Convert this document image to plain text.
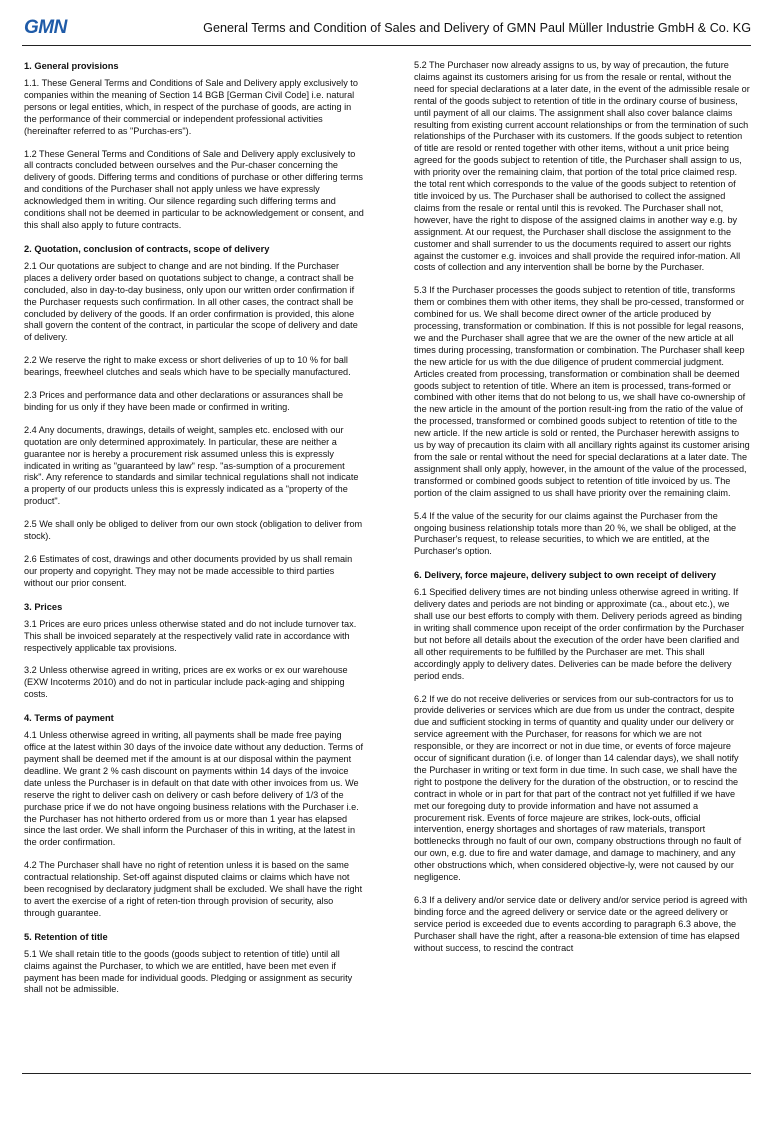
GMN	General Terms and Condition of Sales and Delivery of GMN Paul Müller Industrie GmbH & Co. KG
1. General provisions

1.1. These General Terms and Conditions of Sale and Delivery apply exclusively to companies within the meaning of Section 14 BGB [German Civil Code] i.e. natural persons or legal entities, which, in respect of the purchase of goods, are acting in the performance of their commercial or independent professional activities (hereinafter referred to as "Purchas-ers").

1.2 These General Terms and Conditions of Sale and Delivery apply exclusively to all contracts concluded between ourselves and the Pur-chaser concerning the delivery of goods. Differing terms and conditions of purchase or other differing terms and conditions of the Purchaser shall not apply unless we have expressly acknowledged them in writing. Our silence regarding such differing terms and conditions shall not be deemed in particular to be acknowledgement or consent, and this shall also apply to future contracts.

2. Quotation, conclusion of contracts, scope of delivery

2.1 Our quotations are subject to change and are not binding. If the Purchaser places a delivery order based on quotations subject to change, a contract shall be concluded, also in day-to-day business, only upon our written order confirmation if the Purchaser requests such confirmation. In all other cases, the contract shall be concluded by delivery of the goods. If an order confirmation is provided, this alone shall govern the content of the contract, in particular the scope of delivery and date of delivery.

2.2 We reserve the right to make excess or short deliveries of up to 10 % for ball bearings, freewheel clutches and seals which have to be specially manufactured.

2.3 Prices and performance data and other declarations or assurances shall be binding for us only if they have been made or confirmed in writing.

2.4 Any documents, drawings, details of weight, samples etc. enclosed with our quotation are only determined approximately. In particular, these are neither a guarantee nor is hereby a procurement risk assumed unless this is expressly indicated in writing as "guaranteed by law" resp. "as-sumption of a procurement risk". Any reference to standards and similar technical regulations shall not indicate a property of our products unless this is expressly indicated as a "property of the product".

2.5 We shall only be obliged to deliver from our own stock (obligation to deliver from stock).

2.6 Estimates of cost, drawings and other documents provided by us shall remain our property and copyright. They may not be made accessible to third parties without our prior consent.

3. Prices

3.1 Prices are euro prices unless otherwise stated and do not include turnover tax. This shall be invoiced separately at the respectively valid rate in accordance with respectively applicable tax provisions.

3.2 Unless otherwise agreed in writing, prices are ex works or ex our warehouse (EXW Incoterms 2010) and do not in particular include pack-aging and shipping costs.

4. Terms of payment

4.1 Unless otherwise agreed in writing, all payments shall be made free paying office at the latest within 30 days of the invoice date without any deduction. Terms of payment shall be deemed met if the amount is at our disposal within the payment deadline. We grant 2 % cash discount on payments within 14 days of the invoice date unless the Purchaser is in default on that date with other invoices from us. We reserve the right to deliver cash on delivery or cash before delivery of 1/3 of the purchase price if we do not have ongoing business relations with the Purchaser i.e. the Purchaser has not hitherto ordered from us or more than 1 year has elapsed since the last order. We shall inform the Purchaser of this in writing, at the latest in the order confirmation.

4.2 The Purchaser shall have no right of retention unless it is based on the same contractual relationship. Set-off against disputed claims or claims which have not been recognised by declaratory judgment shall be excluded. We shall have the right to avert the exercise of a right of reten-tion through provision of security, also through guarantee.

5. Retention of title

5.1 We shall retain title to the goods (goods subject to retention of title) until all claims against the Purchaser, to which we are entitled, have been met even if payment has been made for individual goods. Pledging or assignment as security shall not be admissible.

5.2 The Purchaser now already assigns to us, by way of precaution, the future claims against its customers arising for us from the resale or rental, without the need for special declarations at a later date, in the event of the admissible resale or rental of the goods subject to retention of title in the ordinary course of business, until payment of all our claims. The assignment shall also cover balance claims resulting from existing current account relationships or from the termination of such relationships of the Purchaser with its customers. If the goods subject to retention of title are resold or rented together with other items, without a unit price being agreed for the goods subject to retention of title, the Purchaser shall assign to us, with priority over the remaining claim, that portion of the total price claimed resp. the total rent which corresponds to the value of the goods subject to retention of title invoiced by us. The Purchaser shall be authorised to collect the assigned claims from the resale or rental until this is revoked. The Purchaser shall not, however, have the right to dispose of the assigned claims in another way e.g. by assignment. At our request, the Purchaser shall disclose the assignment to the customer and shall surrender to us the documents required to assert our rights against the customer e.g. invoices and shall provide the required infor-mation. All costs of collection and any intervention shall be borne by the Purchaser.

5.3 If the Purchaser processes the goods subject to retention of title, transforms them or combines them with other items, they shall be pro-cessed, transformed or combined for us. We shall become direct owner of the article produced by processing, transformation or combination. If this is not possible for legal reasons, we and the Purchaser shall agree that we are the owner of the new article at all times during processing, transformation or combination. The Purchaser shall keep the new article for us with the due diligence of prudent commercial judgment. Articles created from processing, transformation or combination shall be deemed goods subject to retention of title. Where an item is processed, trans-formed or combined with other items that do not belong to us, we shall have co-ownership of the new article in the amount of the portion result-ing from the ratio of the value of the processed, transformed or combined goods subject to retention of title to the new article. If the new article is sold or rented, the Purchaser herewith assigns to us by way of precaution its claim with all ancillary rights against its customer arising from the sale or rental without the need for special declarations at a later date. The assignment shall only apply, however, in the amount of the value of the processed, transformed or combined goods subject to retention of title invoiced by us. The portion of the claim assigned to us shall have priority over the remaining claim.

5.4 If the value of the security for our claims against the Purchaser from the ongoing business relationship totals more than 20 %, we shall be obliged, at the Purchaser's request, to release securities, to which we are entitled, at the Purchaser's option.

6. Delivery, force majeure, delivery subject to own receipt of delivery

6.1 Specified delivery times are not binding unless otherwise agreed in writing. If delivery dates and periods are not binding or approximate (ca., about etc.), we shall use our best efforts to comply with them. Delivery periods agreed as binding in writing shall commence upon receipt of the order confirmation by the Purchaser but not before all details about the execution of the order have been clarified and all other requirements to be fulfilled by the Purchaser are met. This shall accordingly apply to delivery dates. Deliveries can be made before the delivery period ends.

6.2 If we do not receive deliveries or services from our sub-contractors for us to provide deliveries or services which are due from us under the contract, despite due and sufficient stocking in terms of quantity and quality under our delivery or service agreement with the Purchaser, for reasons for which we are not responsible, or they are incorrect or not in due time, or events of force majeure occur of significant duration (i.e. of longer than 14 calendar days), we shall notify the Purchaser in writing or text form in due time. In such case, we shall have the right to postpone the delivery for the duration of the obstruction, or to rescind the contract in whole or in part for that part of the contract not yet fulfilled if we have met our foregoing duty to provide information and have not assumed a procurement risk. Events of force majeure are strikes, lock-outs, official intervention, energy shortages and shortages of raw materials, transport bottlenecks through no fault of our own, company obstructions through no fault of our own, e.g. due to fire and water damage, and damage to machinery, and any other obstructions which, when considered objective-ly, were not caused by our negligence.

6.3 If a delivery and/or service date or delivery and/or service period is agreed with binding force and the agreed delivery or service date or the agreed delivery or service period is exceeded due to events according to paragraph 6.3 above, the Purchaser shall have the right, after a reasona-ble extension of time has elapsed without success, to rescind the contract
